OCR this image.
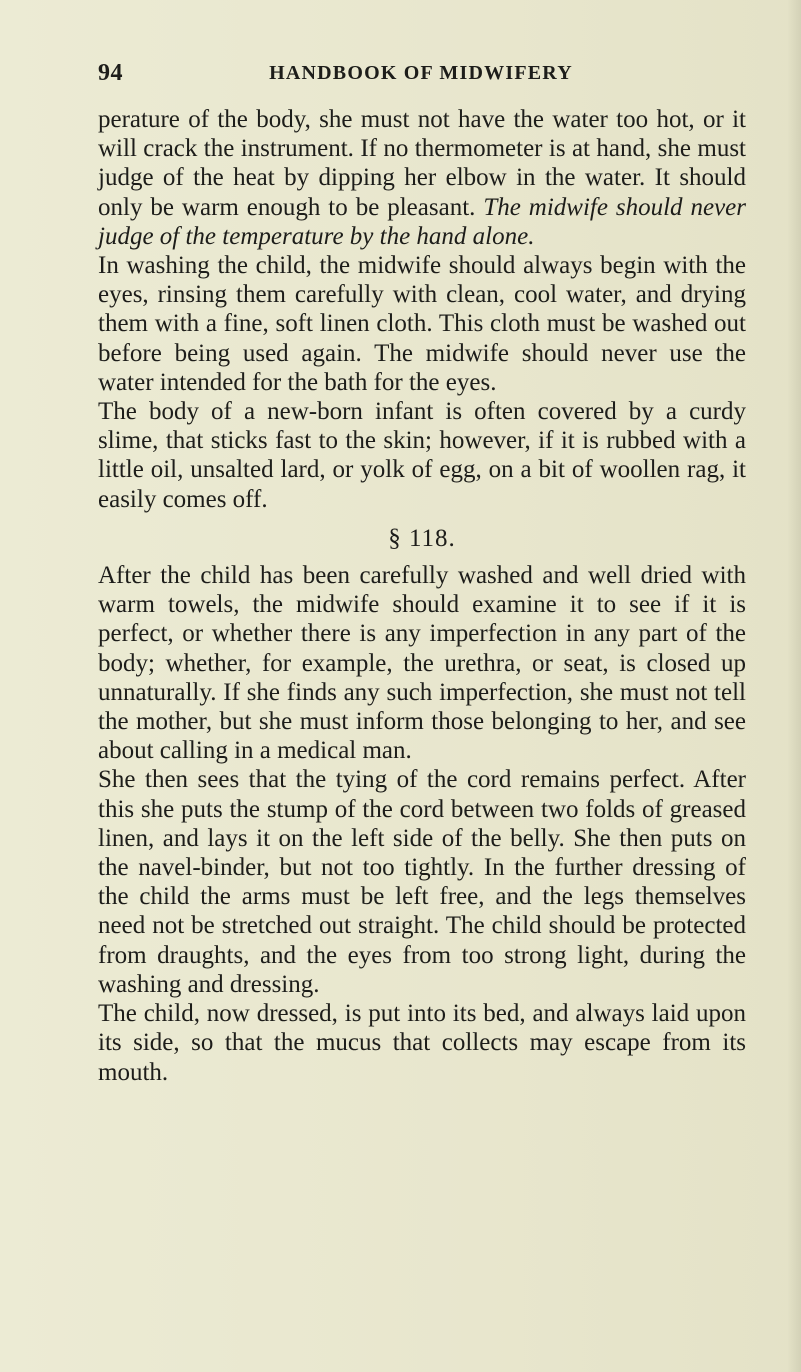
94	HANDBOOK OF MIDWIFERY

perature of the body, she must not have the water too hot, or it will crack the instrument. If no thermometer is at hand, she must judge of the heat by dipping her elbow in the water. It should only be warm enough to be pleasant. The midwife should never judge of the temperature by the hand alone.

In washing the child, the midwife should always begin with the eyes, rinsing them carefully with clean, cool water, and drying them with a fine, soft linen cloth. This cloth must be washed out before being used again. The midwife should never use the water intended for the bath for the eyes.

The body of a new-born infant is often covered by a curdy slime, that sticks fast to the skin; however, if it is rubbed with a little oil, unsalted lard, or yolk of egg, on a bit of woollen rag, it easily comes off.

§ 118.

After the child has been carefully washed and well dried with warm towels, the midwife should examine it to see if it is perfect, or whether there is any imperfection in any part of the body; whether, for example, the urethra, or seat, is closed up unnaturally. If she finds any such imperfection, she must not tell the mother, but she must inform those belonging to her, and see about calling in a medical man.

She then sees that the tying of the cord remains perfect. After this she puts the stump of the cord between two folds of greased linen, and lays it on the left side of the belly. She then puts on the navel-binder, but not too tightly. In the further dressing of the child the arms must be left free, and the legs themselves need not be stretched out straight. The child should be protected from draughts, and the eyes from too strong light, during the washing and dressing.

The child, now dressed, is put into its bed, and always laid upon its side, so that the mucus that collects may escape from its mouth.
